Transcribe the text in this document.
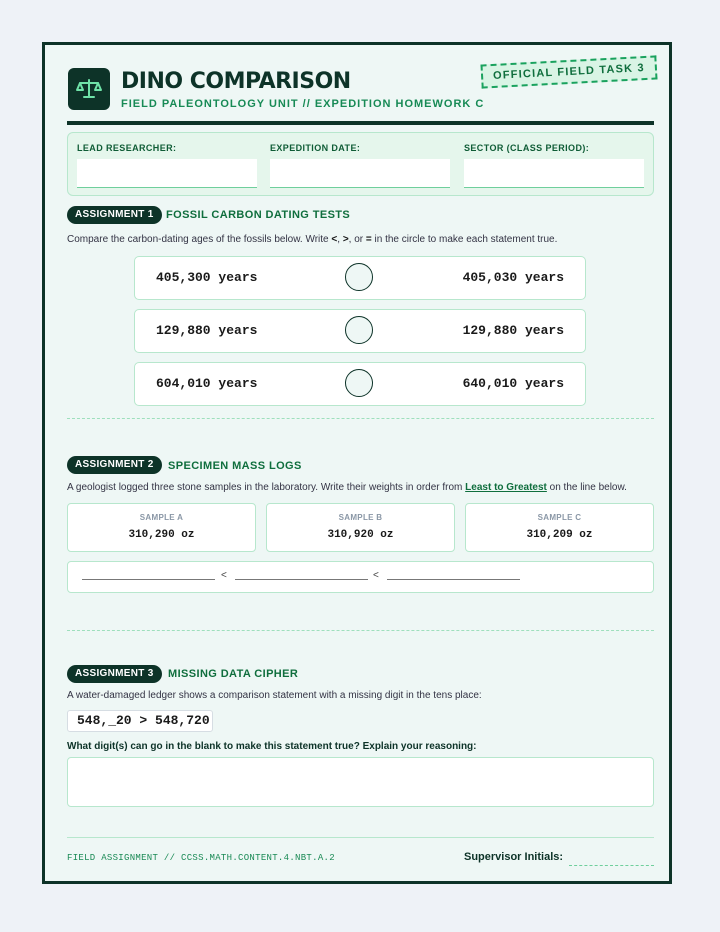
DINO COMPARISON
FIELD PALEONTOLOGY UNIT // EXPEDITION HOMEWORK C
OFFICIAL FIELD TASK 3
LEAD RESEARCHER:	EXPEDITION DATE:	SECTOR (CLASS PERIOD):
ASSIGNMENT 1	FOSSIL CARBON DATING TESTS
Compare the carbon-dating ages of the fossils below. Write <, >, or = in the circle to make each statement true.
405,300 years	405,030 years
129,880 years	129,880 years
604,010 years	640,010 years
ASSIGNMENT 2	SPECIMEN MASS LOGS
A geologist logged three stone samples in the laboratory. Write their weights in order from Least to Greatest on the line below.
SAMPLE A
310,290 oz
SAMPLE B
310,920 oz
SAMPLE C
310,209 oz
<	<
ASSIGNMENT 3	MISSING DATA CIPHER
A water-damaged ledger shows a comparison statement with a missing digit in the tens place:
548,_20 > 548,720
What digit(s) can go in the blank to make this statement true? Explain your reasoning:
FIELD ASSIGNMENT // CCSS.MATH.CONTENT.4.NBT.A.2	Supervisor Initials:
